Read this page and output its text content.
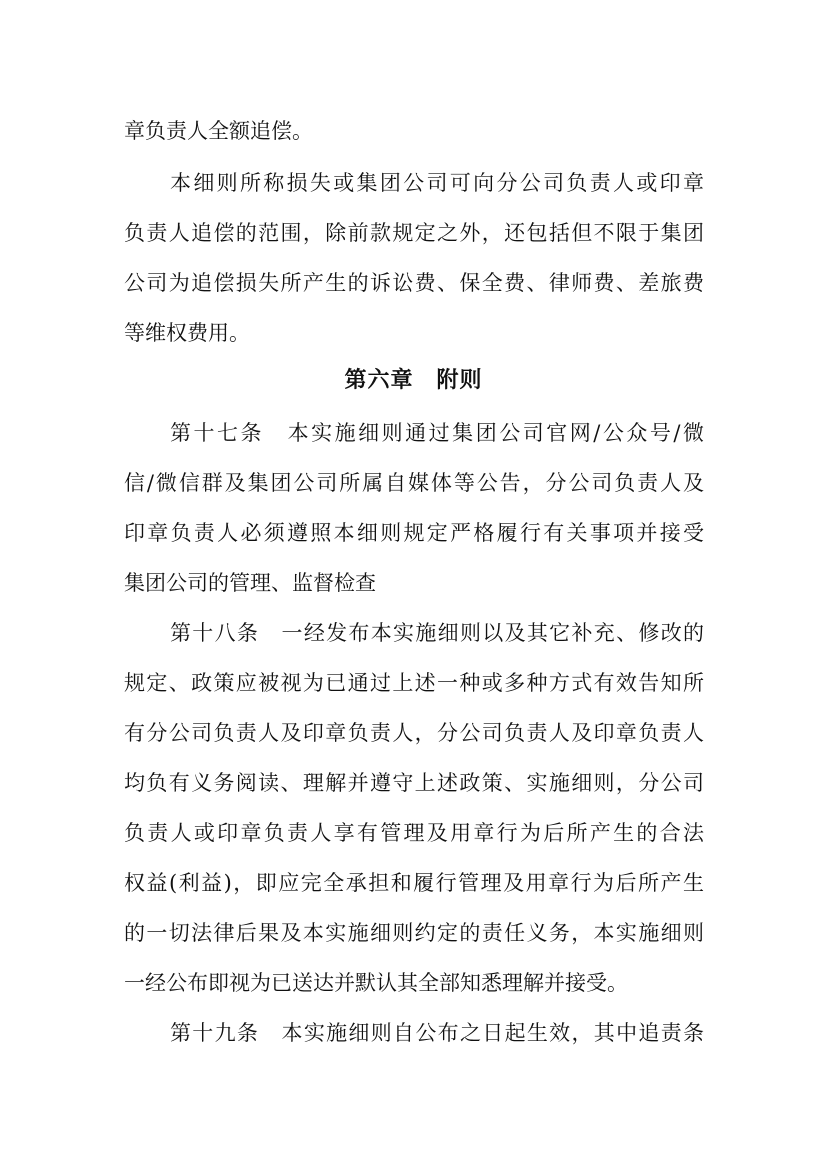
章负责人全额追偿。
本细则所称损失或集团公司可向分公司负责人或印章
负责人追偿的范围，除前款规定之外，还包括但不限于集团
公司为追偿损失所产生的诉讼费、保全费、律师费、差旅费
等维权费用。
第六章　附则
第十七条　本实施细则通过集团公司官网/公众号/微
信/微信群及集团公司所属自媒体等公告，分公司负责人及
印章负责人必须遵照本细则规定严格履行有关事项并接受
集团公司的管理、监督检查
第十八条　一经发布本实施细则以及其它补充、修改的
规定、政策应被视为已通过上述一种或多种方式有效告知所
有分公司负责人及印章负责人，分公司负责人及印章负责人
均负有义务阅读、理解并遵守上述政策、实施细则，分公司
负责人或印章负责人享有管理及用章行为后所产生的合法
权益(利益)，即应完全承担和履行管理及用章行为后所产生
的一切法律后果及本实施细则约定的责任义务，本实施细则
一经公布即视为已送达并默认其全部知悉理解并接受。
第十九条　本实施细则自公布之日起生效，其中追责条
